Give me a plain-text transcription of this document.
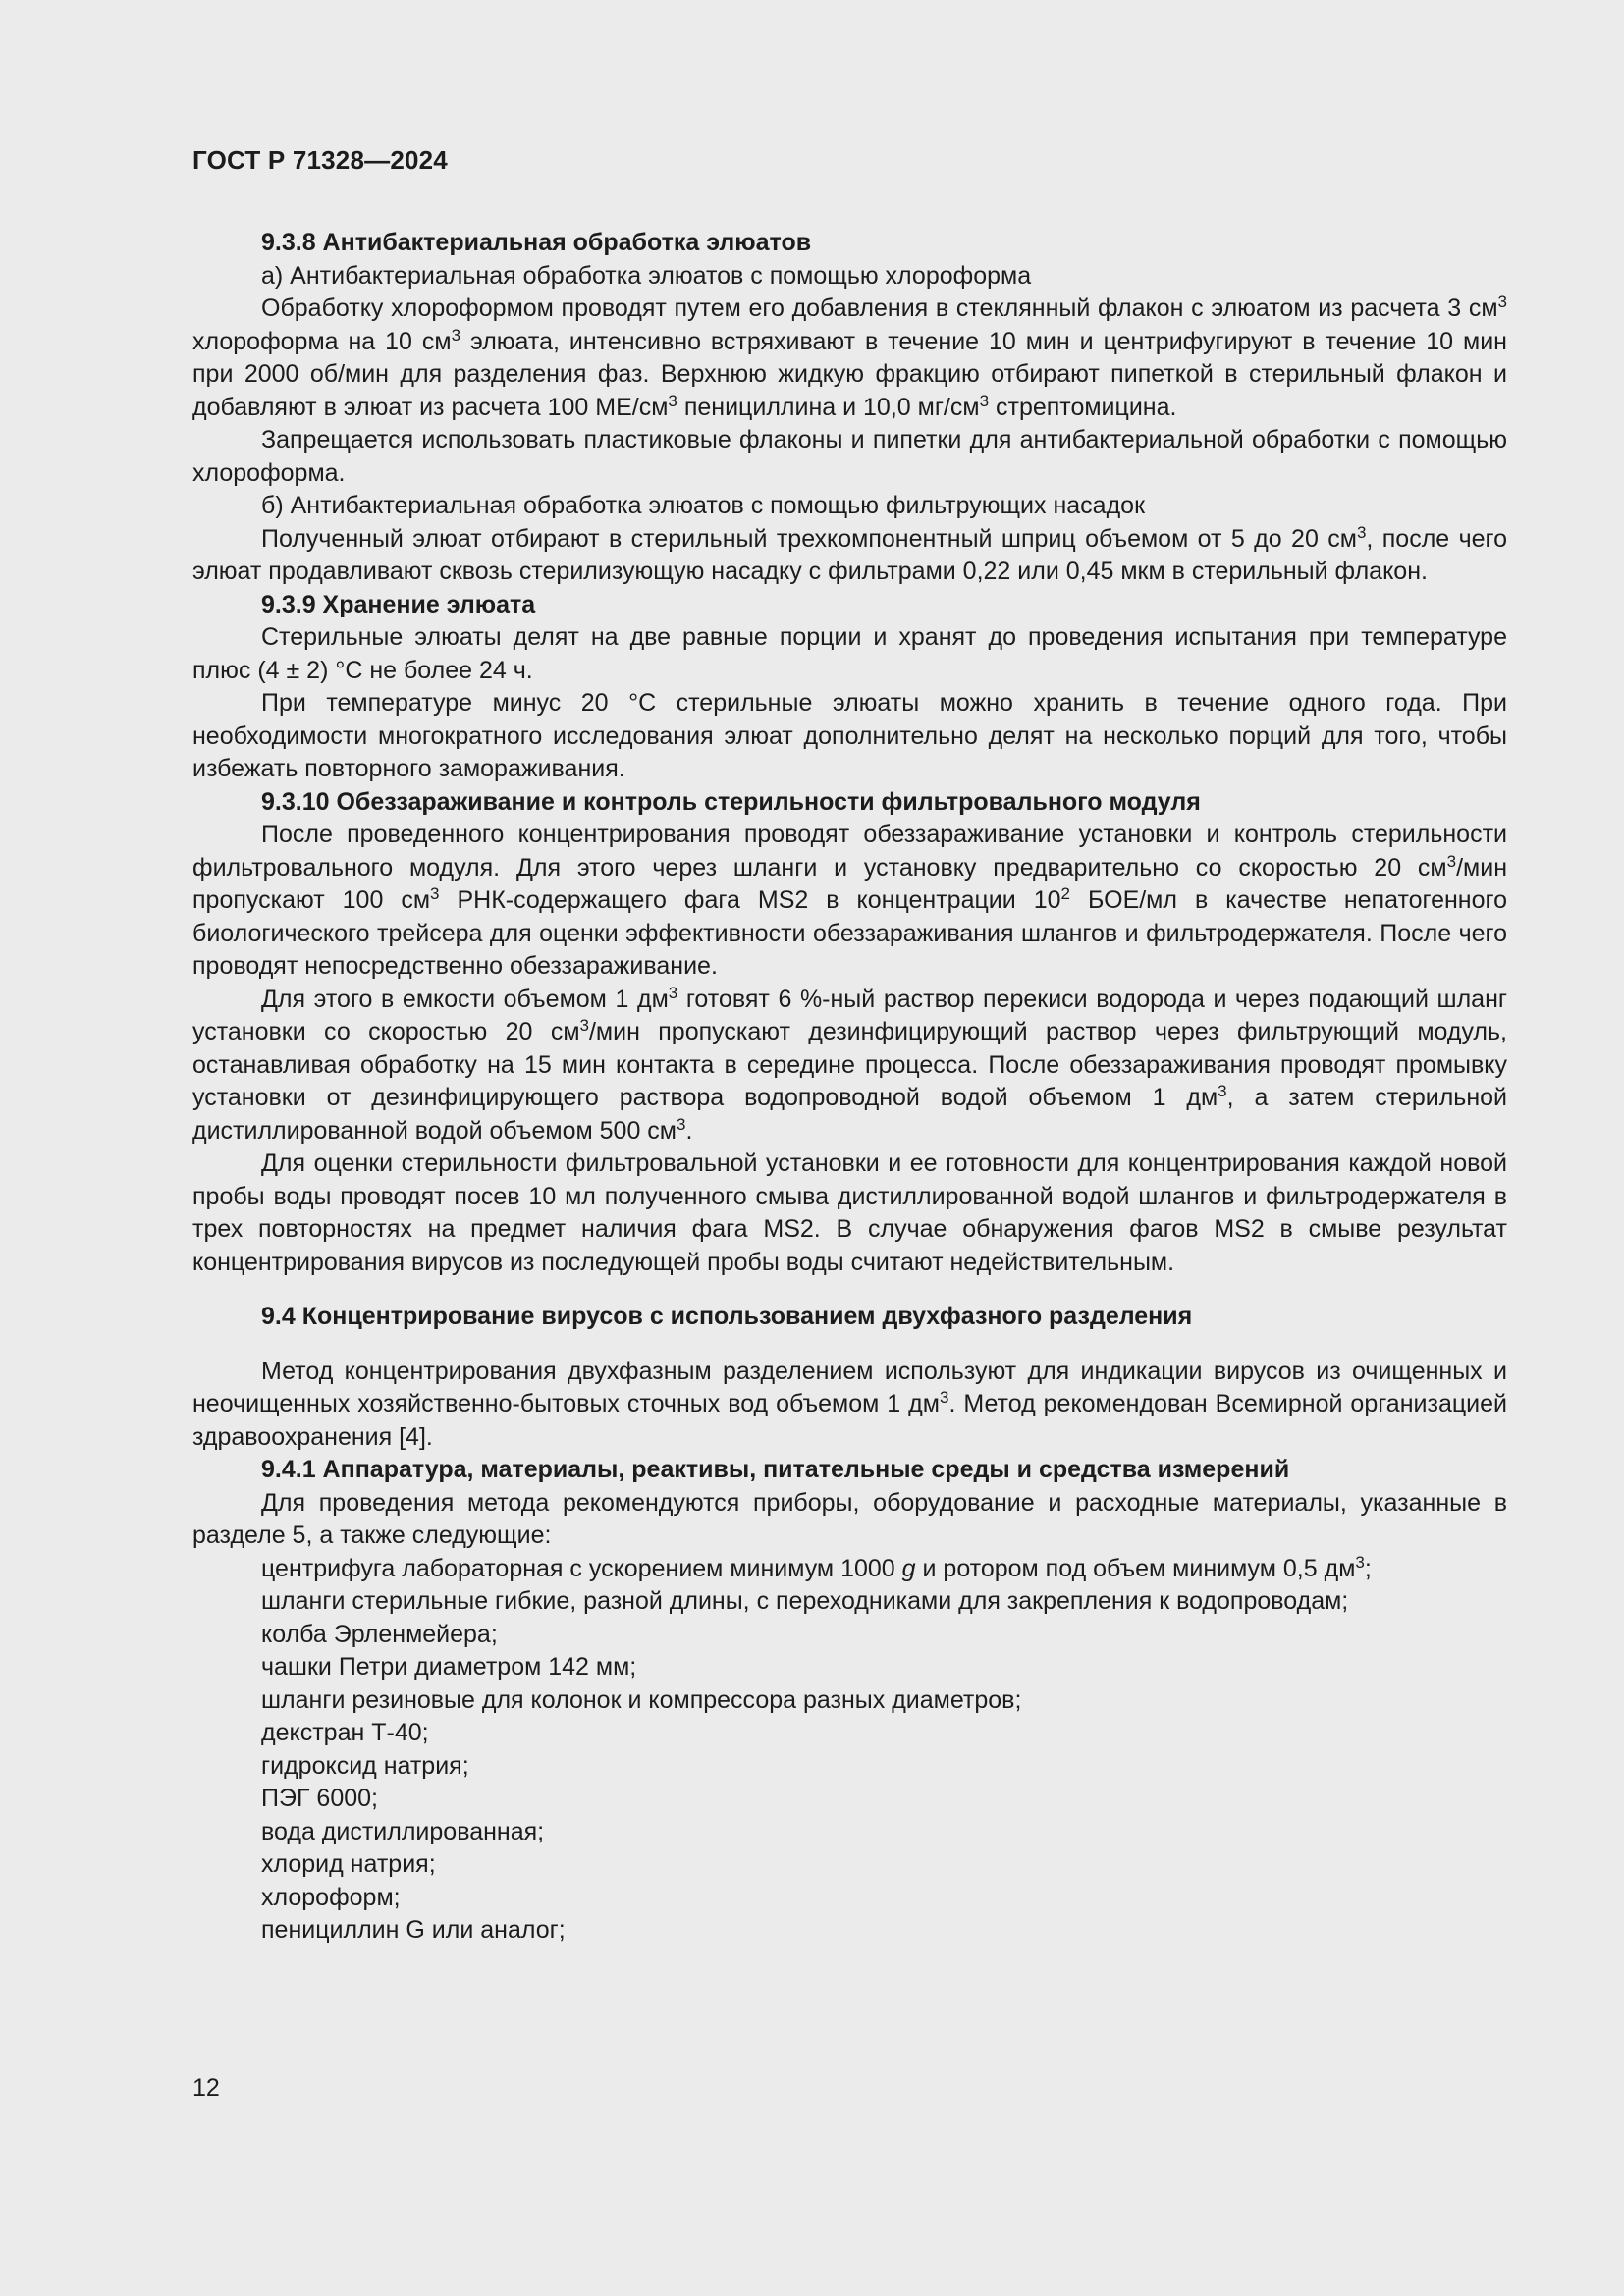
ГОСТ Р 71328—2024

9.3.8 Антибактериальная обработка элюатов

а) Антибактериальная обработка элюатов с помощью хлороформа

Обработку хлороформом проводят путем его добавления в стеклянный флакон с элюатом из расчета 3 $см^3$ хлороформа на 10 $см^3$ элюата, интенсивно встряхивают в течение 10 мин и центрифугируют в течение 10 мин при 2000 об/мин для разделения фаз. Верхнюю жидкую фракцию отбирают пипеткой в стерильный флакон и добавляют в элюат из расчета 100 $МЕ/см^3$ пенициллина и 10,0 $мг/см^3$ стрептомицина.

Запрещается использовать пластиковые флаконы и пипетки для антибактериальной обработки с помощью хлороформа.

б) Антибактериальная обработка элюатов с помощью фильтрующих насадок

Полученный элюат отбирают в стерильный трехкомпонентный шприц объемом от 5 до 20 $см^3$, после чего элюат продавливают сквозь стерилизующую насадку с фильтрами 0,22 или 0,45 мкм в стерильный флакон.

9.3.9 Хранение элюата

Стерильные элюаты делят на две равные порции и хранят до проведения испытания при температуре плюс (4 ± 2) °С не более 24 ч.

При температуре минус 20 °С стерильные элюаты можно хранить в течение одного года. При необходимости многократного исследования элюат дополнительно делят на несколько порций для того, чтобы избежать повторного замораживания.

9.3.10 Обеззараживание и контроль стерильности фильтровального модуля

После проведенного концентрирования проводят обеззараживание установки и контроль стерильности фильтровального модуля. Для этого через шланги и установку предварительно со скоростью 20 $см^3$/мин пропускают 100 $см^3$ РНК-содержащего фага MS2 в концентрации $10^2$ БОЕ/мл в качестве непатогенного биологического трейсера для оценки эффективности обеззараживания шлангов и фильтродержателя. После чего проводят непосредственно обеззараживание.

Для этого в емкости объемом 1 $дм^3$ готовят 6 %-ный раствор перекиси водорода и через подающий шланг установки со скоростью 20 $см^3$/мин пропускают дезинфицирующий раствор через фильтрующий модуль, останавливая обработку на 15 мин контакта в середине процесса. После обеззараживания проводят промывку установки от дезинфицирующего раствора водопроводной водой объемом 1 $дм^3$, а затем стерильной дистиллированной водой объемом 500 $см^3$.

Для оценки стерильности фильтровальной установки и ее готовности для концентрирования каждой новой пробы воды проводят посев 10 мл полученного смыва дистиллированной водой шлангов и фильтродержателя в трех повторностях на предмет наличия фага MS2. В случае обнаружения фагов MS2 в смыве результат концентрирования вирусов из последующей пробы воды считают недействительным.

9.4 Концентрирование вирусов с использованием двухфазного разделения

Метод концентрирования двухфазным разделением используют для индикации вирусов из очищенных и неочищенных хозяйственно-бытовых сточных вод объемом 1 $дм^3$. Метод рекомендован Всемирной организацией здравоохранения [4].

9.4.1 Аппаратура, материалы, реактивы, питательные среды и средства измерений

Для проведения метода рекомендуются приборы, оборудование и расходные материалы, указанные в разделе 5, а также следующие:

центрифуга лабораторная с ускорением минимум 1000 g и ротором под объем минимум 0,5 $дм^3$;

шланги стерильные гибкие, разной длины, с переходниками для закрепления к водопроводам;

колба Эрленмейера;

чашки Петри диаметром 142 мм;

шланги резиновые для колонок и компрессора разных диаметров;

декстран Т-40;

гидроксид натрия;

ПЭГ 6000;

вода дистиллированная;

хлорид натрия;

хлороформ;

пенициллин G или аналог;

12
